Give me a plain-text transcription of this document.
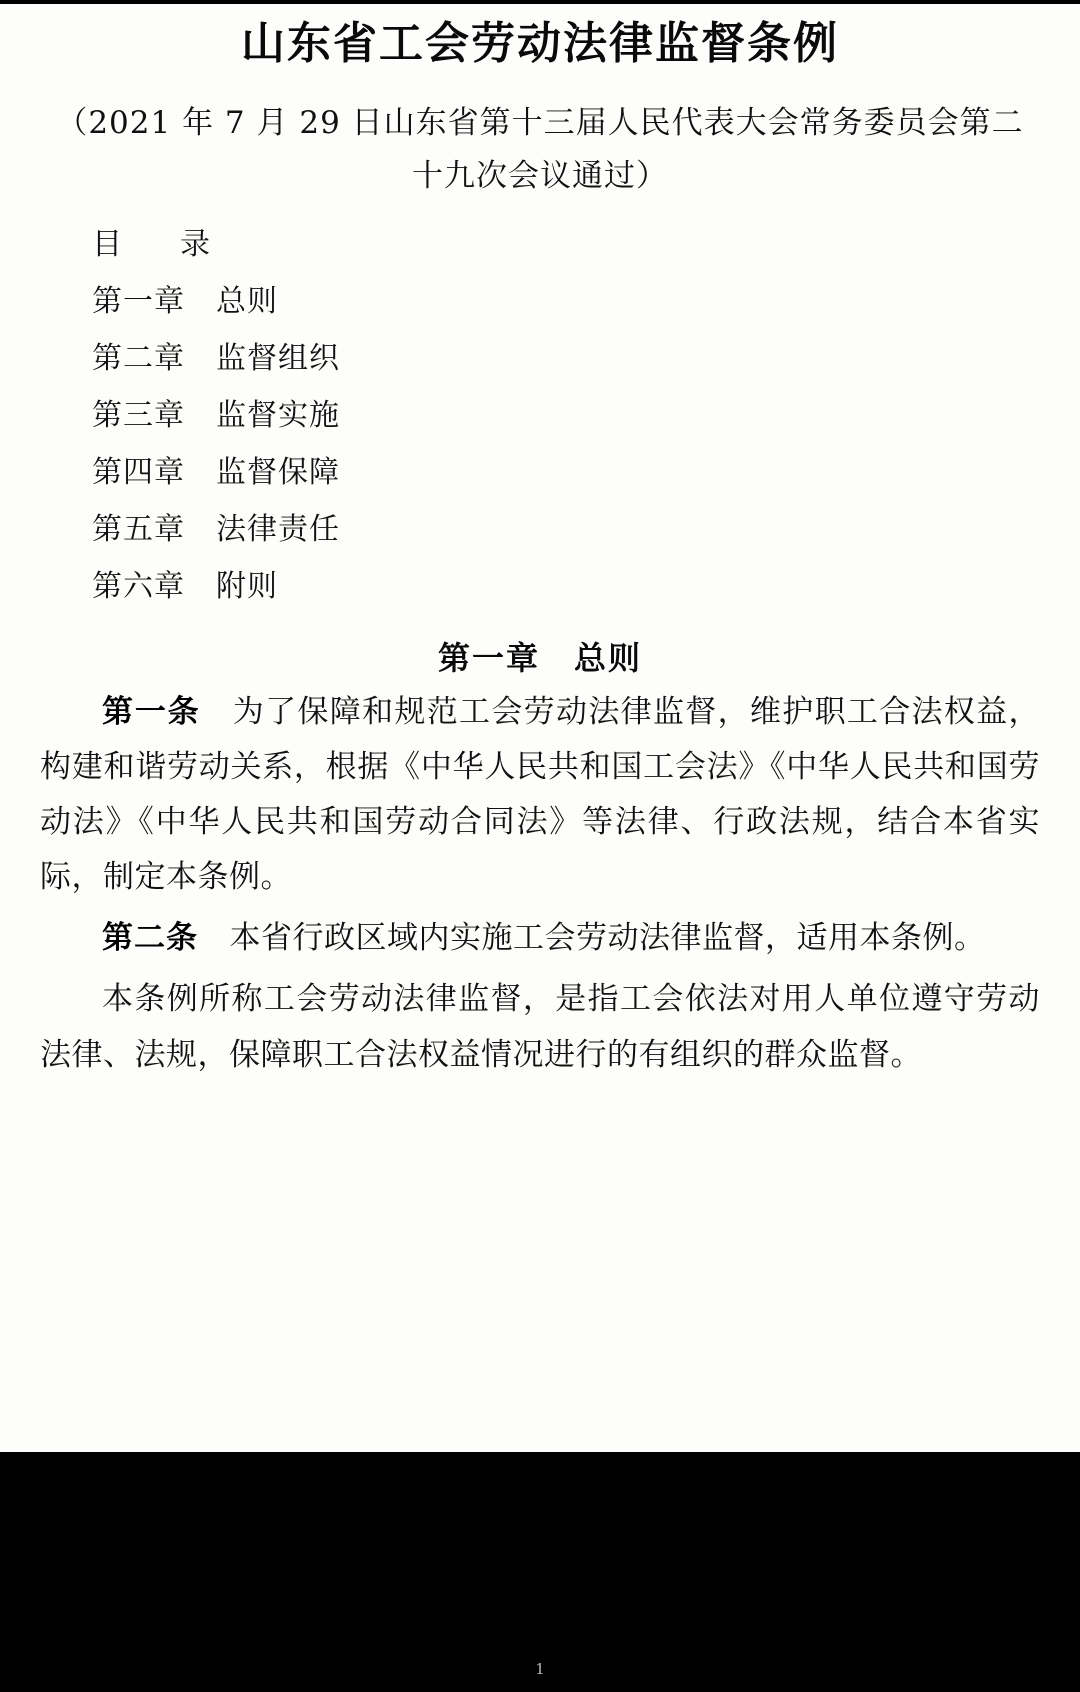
山东省工会劳动法律监督条例
（2021 年 7 月 29 日山东省第十三届人民代表大会常务委员会第二十九次会议通过）
目　录
第一章　总则
第二章　监督组织
第三章　监督实施
第四章　监督保障
第五章　法律责任
第六章　附则
第一章　总则

第一条　为了保障和规范工会劳动法律监督，维护职工合法权益，构建和谐劳动关系，根据《中华人民共和国工会法》《中华人民共和国劳动法》《中华人民共和国劳动合同法》等法律、行政法规，结合本省实际，制定本条例。

第二条　本省行政区域内实施工会劳动法律监督，适用本条例。

本条例所称工会劳动法律监督，是指工会依法对用人单位遵守劳动法律、法规，保障职工合法权益情况进行的有组织的群众监督。

1
